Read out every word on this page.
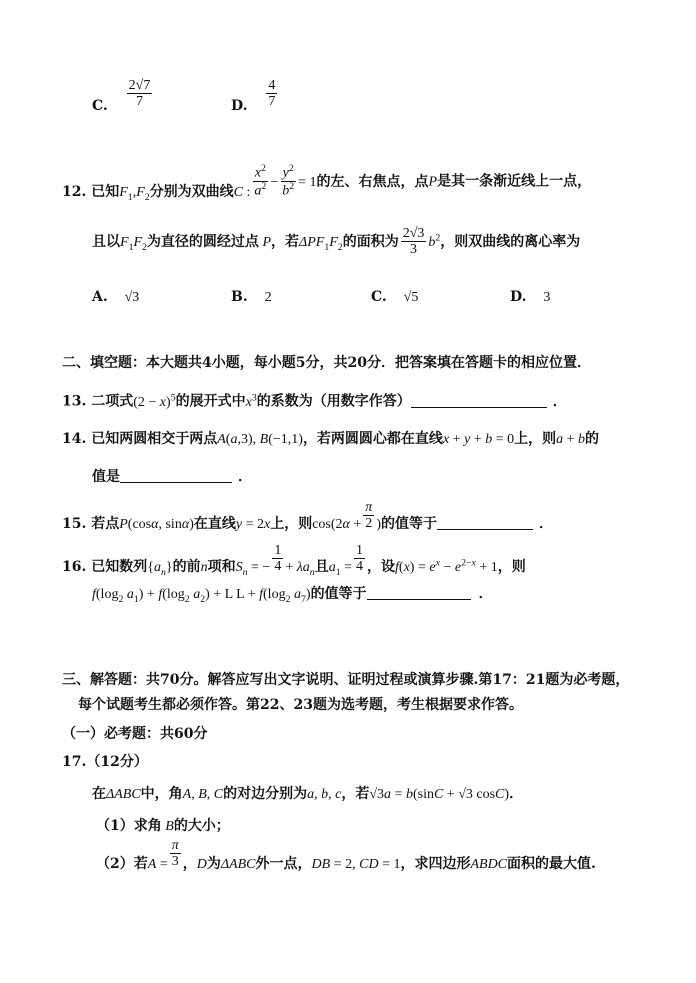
C. $\frac{2√7}{7}$	D. $\frac{4}{7}$
12. 已知$F_1,F_2$分别为双曲线C : $\frac{x^2}{a^2} - \frac{y^2}{b^2} = 1$的左、右焦点，点P是其一条渐近线上一点，
且以$F_1F_2$为直径的圆经过点 P，若$\Delta PF_1F_2$的面积为 $\frac{2√3}{3} b^2$，则双曲线的离心率为
A. √3	B. 2	C. √5	D. 3
二、填空题：本大题共4小题，每小题5分，共20分．把答案填在答题卡的相应位置．
13. 二项式$(2 - x)^5$的展开式中$x^3$的系数为（用数字作答）	．
14. 已知两圆相交于两点A(a,3), B(−1,1)，若两圆圆心都在直线x + y + b = 0上，则a + b的
值是	．
15. 若点P(cosα, sinα)在直线y = 2x上，则$\cos(2\alpha + \frac{\pi}{2}$ )的值等于	．
16. 已知数列$\{a_n\}$的前n项和$S_n$ = − $\frac{1}{4} + \lambda a_n$且$a_1 = \frac{1}{4}$ ，设$f(x) = e^x - e^{2-x} + 1$，则
$f(\log_2$ $a_1) + f(\log_2$ $a_2) + L$ $L + f(\log_2$ $a_7$)的值等于	．
三、解答题：共70分。解答应写出文字说明、证明过程或演算步骤.第17：21题为必考题，
每个试题考生都必须作答。第22、23题为选考题，考生根据要求作答。
（一）必考题：共60分
17.（12分）
在ΔABC中，角A, B, C的对边分别为a, b, c，若√3a = b(sinC + √3 cosC)．
（1）求角 B的大小；
（2）若$A = \frac{\pi}{3}$ ，D为ΔABC外一点，DB = 2, CD = 1，求四边形ABDC面积的最大值.
